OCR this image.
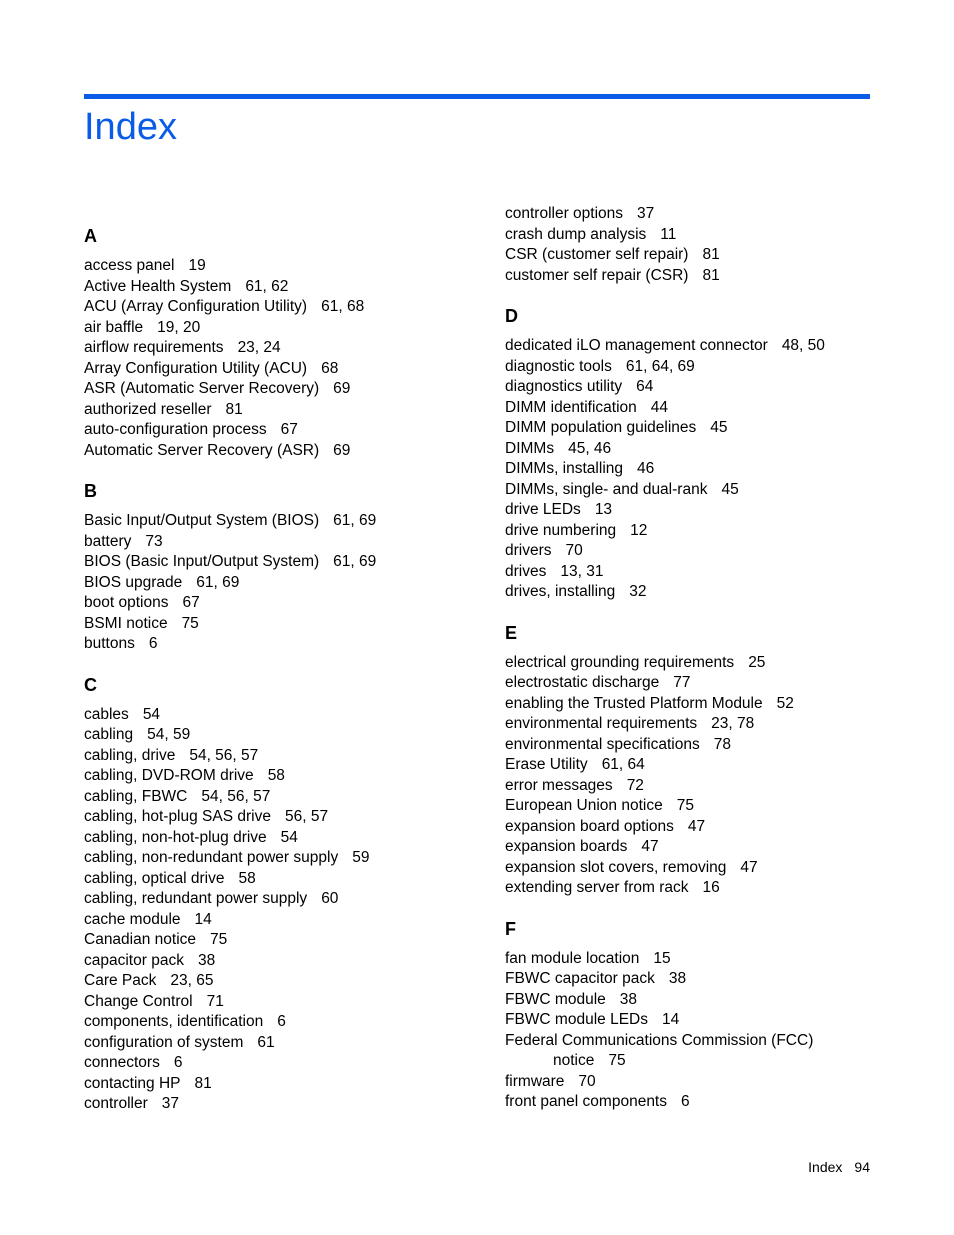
Index
A
access panel 19
Active Health System 61, 62
ACU (Array Configuration Utility) 61, 68
air baffle 19, 20
airflow requirements 23, 24
Array Configuration Utility (ACU) 68
ASR (Automatic Server Recovery) 69
authorized reseller 81
auto-configuration process 67
Automatic Server Recovery (ASR) 69
B
Basic Input/Output System (BIOS) 61, 69
battery 73
BIOS (Basic Input/Output System) 61, 69
BIOS upgrade 61, 69
boot options 67
BSMI notice 75
buttons 6
C
cables 54
cabling 54, 59
cabling, drive 54, 56, 57
cabling, DVD-ROM drive 58
cabling, FBWC 54, 56, 57
cabling, hot-plug SAS drive 56, 57
cabling, non-hot-plug drive 54
cabling, non-redundant power supply 59
cabling, optical drive 58
cabling, redundant power supply 60
cache module 14
Canadian notice 75
capacitor pack 38
Care Pack 23, 65
Change Control 71
components, identification 6
configuration of system 61
connectors 6
contacting HP 81
controller 37
controller options 37
crash dump analysis 11
CSR (customer self repair) 81
customer self repair (CSR) 81
D
dedicated iLO management connector 48, 50
diagnostic tools 61, 64, 69
diagnostics utility 64
DIMM identification 44
DIMM population guidelines 45
DIMMs 45, 46
DIMMs, installing 46
DIMMs, single- and dual-rank 45
drive LEDs 13
drive numbering 12
drivers 70
drives 13, 31
drives, installing 32
E
electrical grounding requirements 25
electrostatic discharge 77
enabling the Trusted Platform Module 52
environmental requirements 23, 78
environmental specifications 78
Erase Utility 61, 64
error messages 72
European Union notice 75
expansion board options 47
expansion boards 47
expansion slot covers, removing 47
extending server from rack 16
F
fan module location 15
FBWC capacitor pack 38
FBWC module 38
FBWC module LEDs 14
Federal Communications Commission (FCC)
notice 75
firmware 70
front panel components 6
Index 94
